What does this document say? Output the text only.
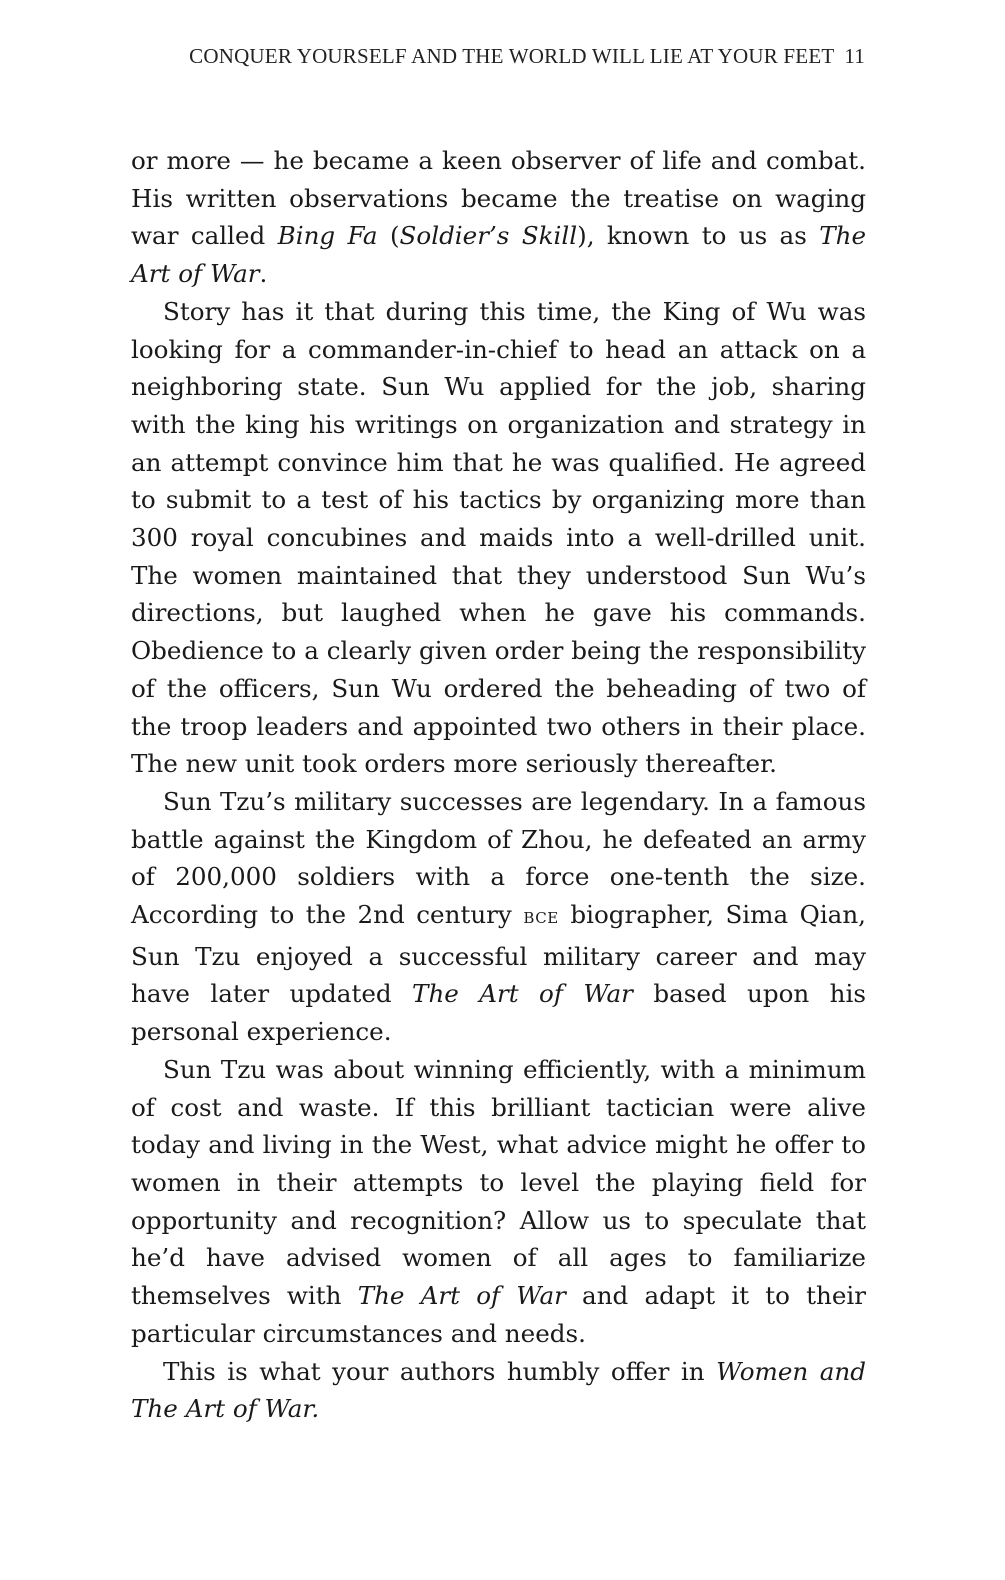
CONQUER YOURSELF AND THE WORLD WILL LIE AT YOUR FEET 11

or more — he became a keen observer of life and combat. His written observations became the treatise on waging war called Bing Fa (Soldier’s Skill), known to us as The Art of War.

Story has it that during this time, the King of Wu was looking for a commander-in-chief to head an attack on a neighboring state. Sun Wu applied for the job, sharing with the king his writings on organization and strategy in an attempt convince him that he was qualified. He agreed to submit to a test of his tactics by organizing more than 300 royal concubines and maids into a well-drilled unit. The women maintained that they understood Sun Wu’s directions, but laughed when he gave his commands. Obedience to a clearly given order being the responsibility of the officers, Sun Wu ordered the beheading of two of the troop leaders and appointed two others in their place. The new unit took orders more seriously thereafter.

Sun Tzu’s military successes are legendary. In a famous battle against the Kingdom of Zhou, he defeated an army of 200,000 soldiers with a force one-tenth the size. According to the 2nd century BCE biographer, Sima Qian, Sun Tzu enjoyed a successful military career and may have later updated The Art of War based upon his personal experience.

Sun Tzu was about winning efficiently, with a minimum of cost and waste. If this brilliant tactician were alive today and living in the West, what advice might he offer to women in their attempts to level the playing field for opportunity and recognition? Allow us to speculate that he’d have advised women of all ages to familiarize themselves with The Art of War and adapt it to their particular circumstances and needs.

This is what your authors humbly offer in Women and The Art of War.
